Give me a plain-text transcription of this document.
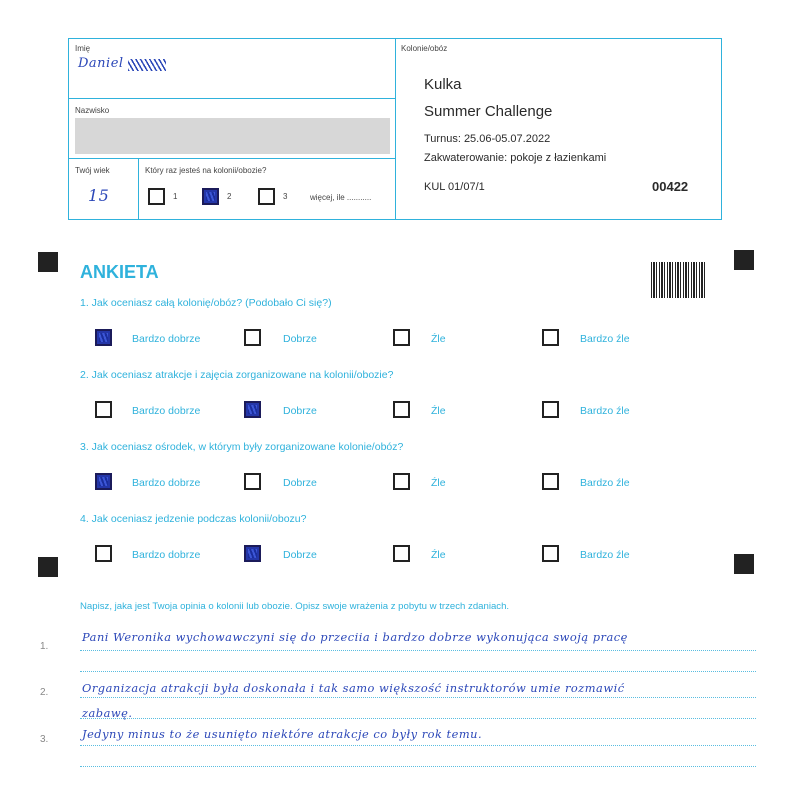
Imię
Daniel
Nazwisko
Twój wiek
15
Który raz jesteś na kolonii/obozie?
1	2	3	więcej, ile ...........
Kolonie/obóz
Kulka
Summer Challenge
Turnus: 25.06-05.07.2022
Zakwaterowanie: pokoje z łazienkami
KUL 01/07/1	00422
ANKIETA
1. Jak oceniasz całą kolonię/obóz? (Podobało Ci się?)
Bardzo dobrze	Dobrze	Źle	Bardzo źle
2. Jak oceniasz atrakcje i zajęcia zorganizowane na kolonii/obozie?
Bardzo dobrze	Dobrze	Źle	Bardzo źle
3. Jak oceniasz ośrodek, w którym były zorganizowane kolonie/obóz?
Bardzo dobrze	Dobrze	Źle	Bardzo źle
4. Jak oceniasz jedzenie podczas kolonii/obozu?
Bardzo dobrze	Dobrze	Źle	Bardzo źle
Napisz, jaka jest Twoja opinia o kolonii lub obozie. Opisz swoje wrażenia z pobytu w trzech zdaniach.
1.
2.
3.
Pani Weronika wychowawczyni się do przeciia i bardzo dobrze wykonująca swoją pracę
Organizacja atrakcji była doskonała i tak samo większość instruktorów umie rozmawić
zabawę.
Jedyny minus to że usunięto niektóre atrakcje co były rok temu.
